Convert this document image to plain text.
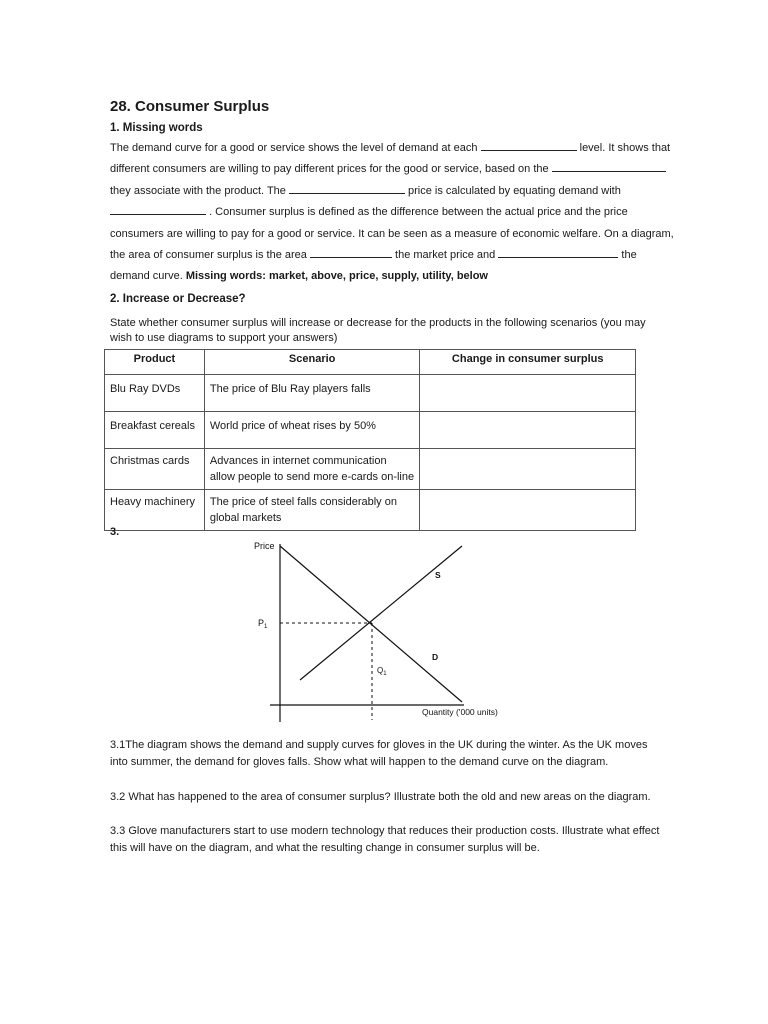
28. Consumer Surplus
1. Missing words
The demand curve for a good or service shows the level of demand at each	level. It shows that
different consumers are willing to pay different prices for the good or service, based on the
they associate with the product. The	price is calculated by equating demand with
. Consumer surplus is defined as the difference between the actual price and the price
consumers are willing to pay for a good or service. It can be seen as a measure of economic welfare. On a diagram,
the area of consumer surplus is the area	the market price and	the
demand curve. Missing words: market, above, price, supply, utility, below
2. Increase or Decrease?

State whether consumer surplus will increase or decrease for the products in the following scenarios (you may wish to use diagrams to support your answers)

Product	Scenario	Change in consumer surplus
Blu Ray DVDs	The price of Blu Ray players falls	
Breakfast cereals	World price of wheat rises by 50%	
Christmas cards	Advances in internet communication allow people to send more e-cards on-line	
Heavy machinery	The price of steel falls considerably on global markets	

3.

Price
$P_1$
$Q_1$
S
D
Quantity ('000 units)

3.1The diagram shows the demand and supply curves for gloves in the UK during the winter. As the UK moves into summer, the demand for gloves falls. Show what will happen to the demand curve on the diagram.

3.2 What has happened to the area of consumer surplus? Illustrate both the old and new areas on the diagram.

3.3 Glove manufacturers start to use modern technology that reduces their production costs. Illustrate what effect this will have on the diagram, and what the resulting change in consumer surplus will be.
